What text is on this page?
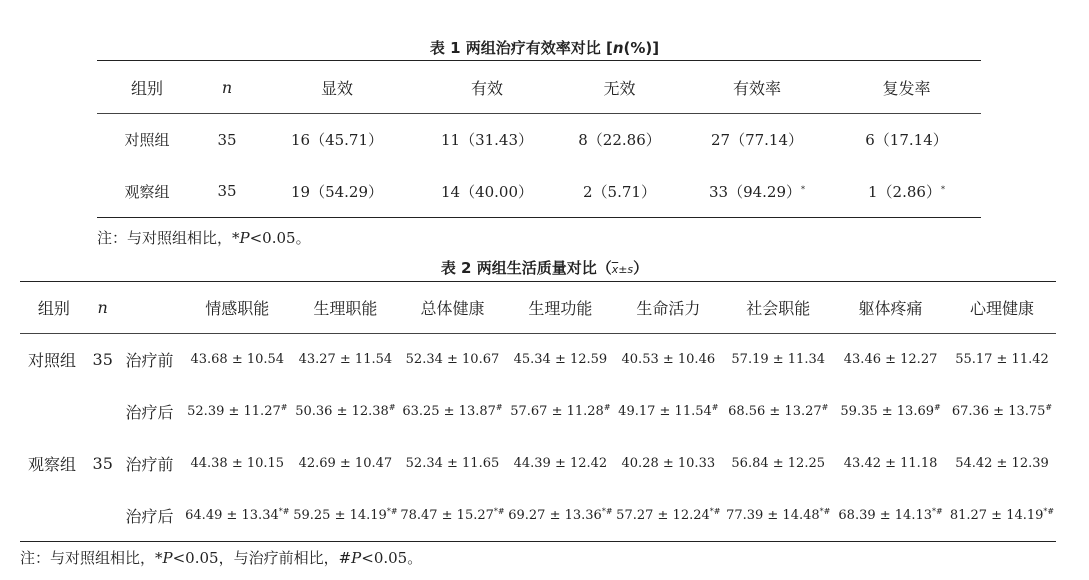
表 1 两组治疗有效率对比 [n(%)]
组别	n	显效	有效	无效	有效率	复发率
对照组	35	16（45.71）	11（31.43）	8（22.86）	27（77.14）	6（17.14）
观察组	35	19（54.29）	14（40.00）	2（5.71）	33（94.29）*	1（2.86）*
注：与对照组相比，*P<0.05。
表 2 两组生活质量对比$(\overline{x}\pm s)$
组别	n		情感职能	生理职能	总体健康	生理功能	生命活力	社会职能	躯体疼痛	心理健康
对照组	35	治疗前	43.68 ± 10.54	43.27 ± 11.54	52.34 ± 10.67	45.34 ± 12.59	40.53 ± 10.46	57.19 ± 11.34	43.46 ± 12.27	55.17 ± 11.42
		治疗后	52.39 ± 11.27#	50.36 ± 12.38#	63.25 ± 13.87#	57.67 ± 11.28#	49.17 ± 11.54#	68.56 ± 13.27#	59.35 ± 13.69#	67.36 ± 13.75#
观察组	35	治疗前	44.38 ± 10.15	42.69 ± 10.47	52.34 ± 11.65	44.39 ± 12.42	40.28 ± 10.33	56.84 ± 12.25	43.42 ± 11.18	54.42 ± 12.39
		治疗后	64.49 ± 13.34*#	59.25 ± 14.19*#	78.47 ± 15.27*#	69.27 ± 13.36*#	57.27 ± 12.24*#	77.39 ± 14.48*#	68.39 ± 14.13*#	81.27 ± 14.19*#
注：与对照组相比，*P<0.05，与治疗前相比，#P<0.05。
